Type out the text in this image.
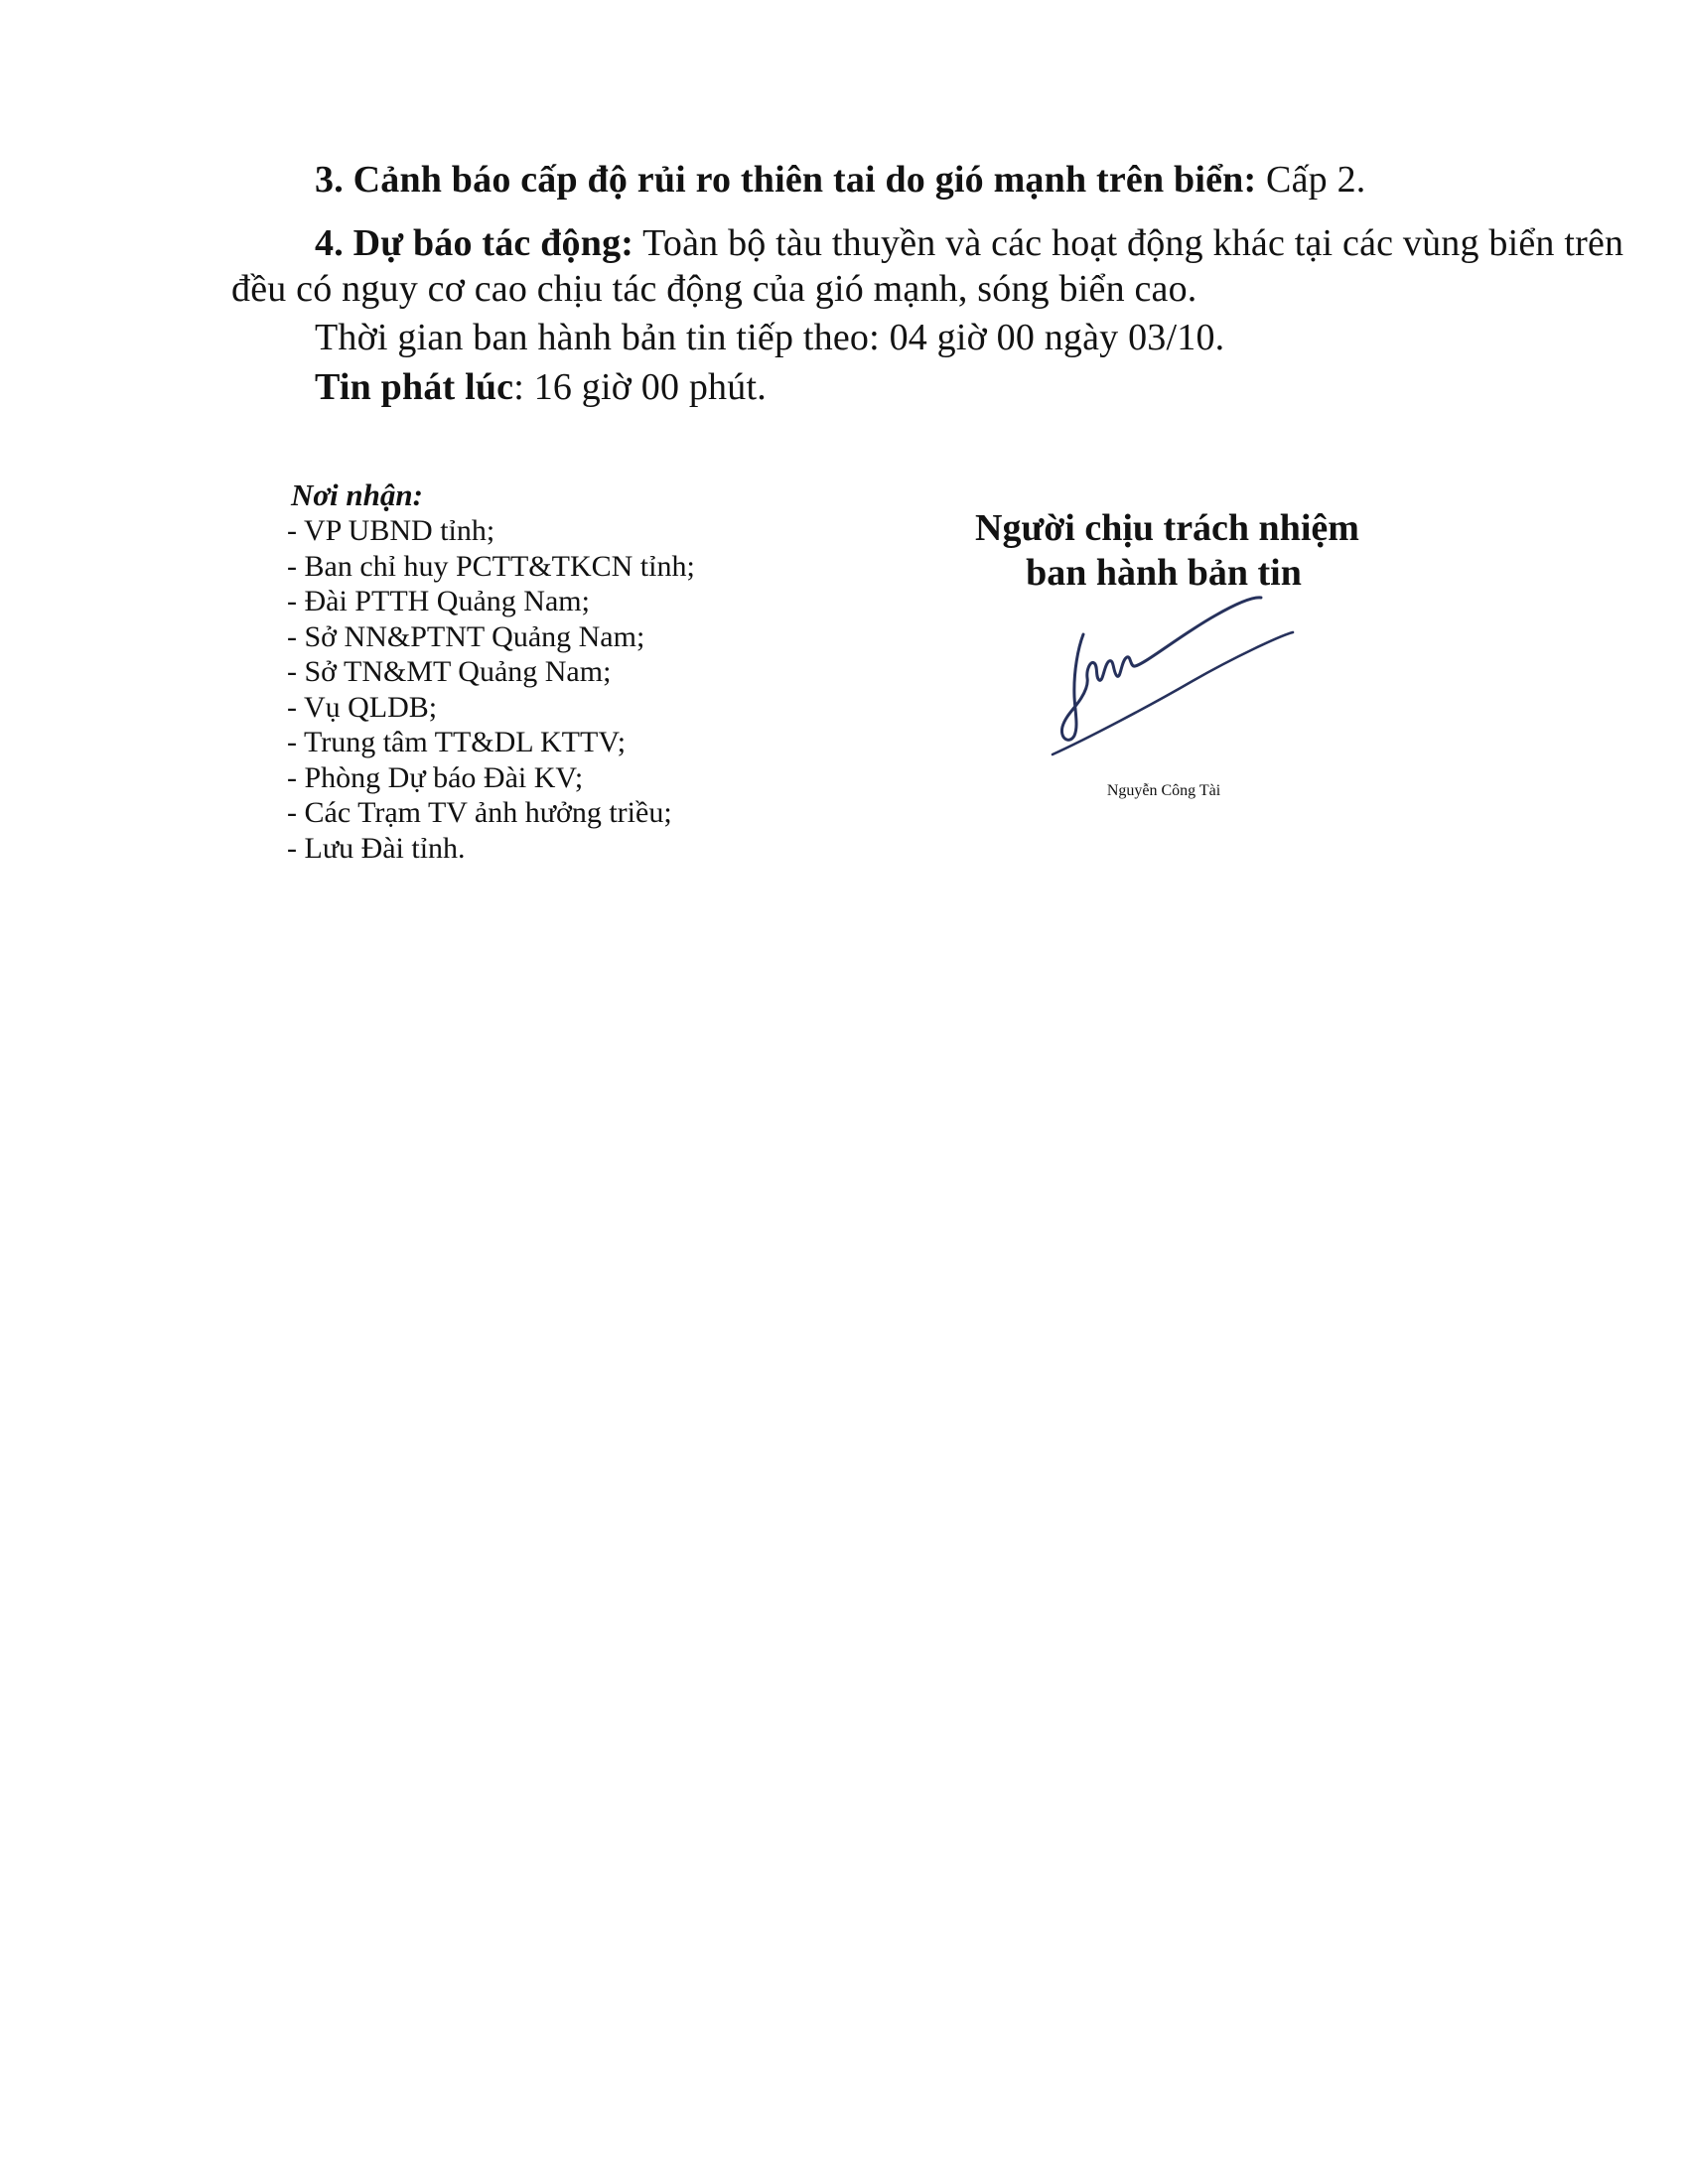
3. Cảnh báo cấp độ rủi ro thiên tai do gió mạnh trên biển: Cấp 2.
4. Dự báo tác động: Toàn bộ tàu thuyền và các hoạt động khác tại các vùng biển trên
đều có nguy cơ cao chịu tác động của gió mạnh, sóng biển cao.
Thời gian ban hành bản tin tiếp theo: 04 giờ 00 ngày 03/10.
Tin phát lúc: 16 giờ 00 phút.
Nơi nhận:
- VP UBND tỉnh;
- Ban chỉ huy PCTT&TKCN tỉnh;
- Đài PTTH Quảng Nam;
- Sở NN&PTNT Quảng Nam;
- Sở TN&MT Quảng Nam;
- Vụ QLDB;
- Trung tâm TT&DL KTTV;
- Phòng Dự báo Đài KV;
- Các Trạm TV ảnh hưởng triều;
- Lưu Đài tỉnh.
Người chịu trách nhiệm
ban hành bản tin
Nguyễn Công Tài
